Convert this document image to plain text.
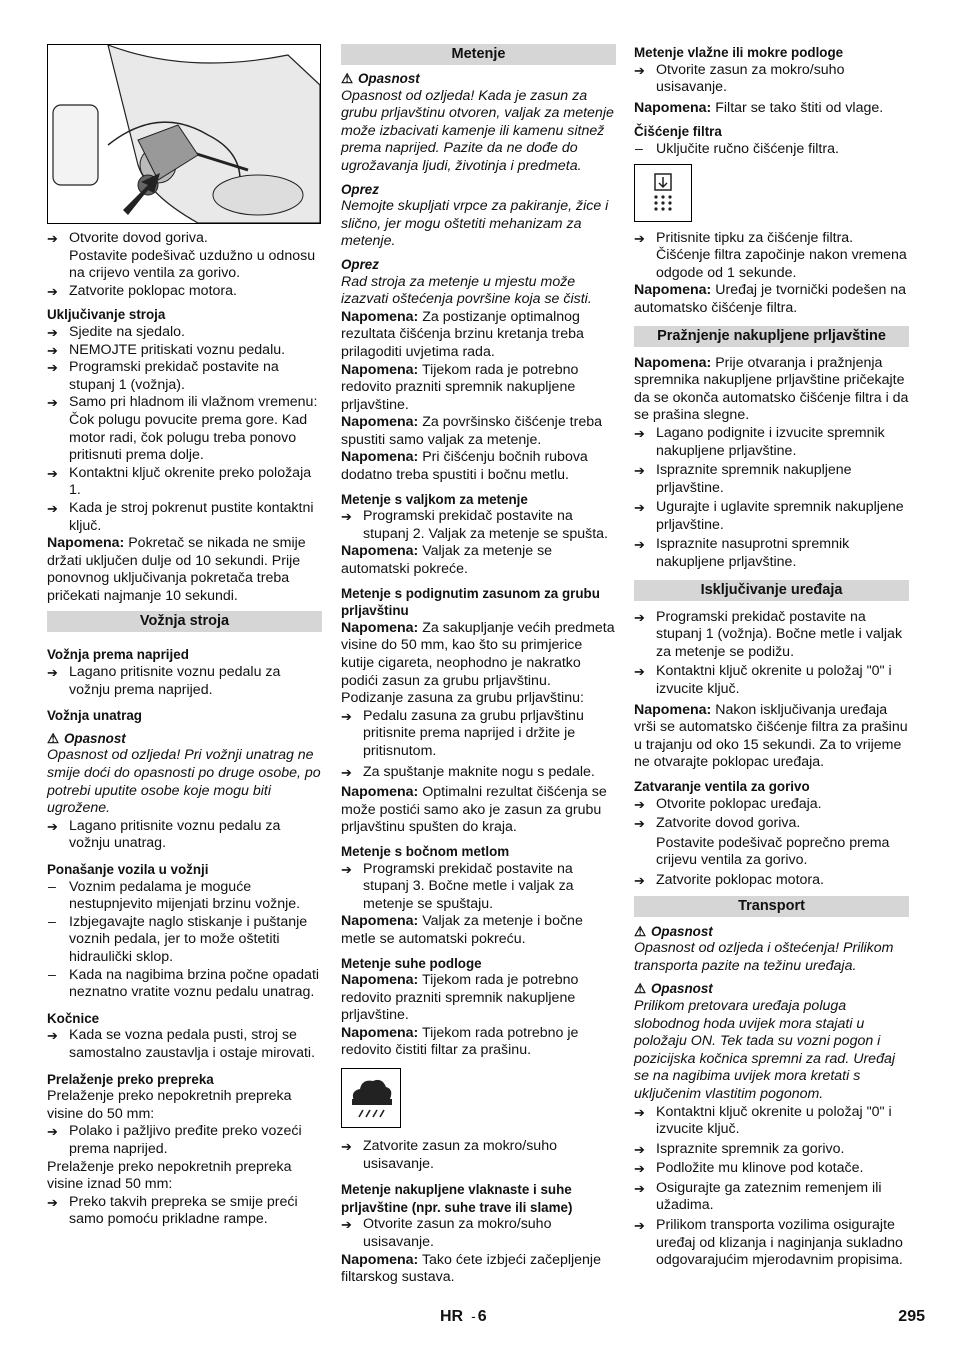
➔ Otvorite dovod goriva.
Postavite podešivač uzdužno u odnosu na crijevo ventila za gorivo.
➔ Zatvorite poklopac motora.
Uključivanje stroja
➔ Sjedite na sjedalo.
➔ NEMOJTE pritiskati voznu pedalu.
➔ Programski prekidač postavite na stupanj 1 (vožnja).
➔ Samo pri hladnom ili vlažnom vremenu: Čok polugu povucite prema gore. Kad motor radi, čok polugu treba ponovo pritisnuti prema dolje.
➔ Kontaktni ključ okrenite preko položaja 1.
➔ Kada je stroj pokrenut pustite kontaktni ključ.
Napomena: Pokretač se nikada ne smije držati uključen dulje od 10 sekundi. Prije ponovnog uključivanja pokretača treba pričekati najmanje 10 sekundi.
Vožnja stroja
Vožnja prema naprijed
➔ Lagano pritisnite voznu pedalu za vožnju prema naprijed.
Vožnja unatrag
⚠ Opasnost
Opasnost od ozljeda! Pri vožnji unatrag ne smije doći do opasnosti po druge osobe, po potrebi uputite osobe koje mogu biti ugrožene.
➔ Lagano pritisnite voznu pedalu za vožnju unatrag.
Ponašanje vozila u vožnji
– Voznim pedalama je moguće nestupnjevito mijenjati brzinu vožnje.
– Izbjegavajte naglo stiskanje i puštanje voznih pedala, jer to može oštetiti hidraulički sklop.
– Kada na nagibima brzina počne opadati neznatno vratite voznu pedalu unatrag.
Kočnice
➔ Kada se vozna pedala pusti, stroj se samostalno zaustavlja i ostaje mirovati.
Prelaženje preko prepreka
Prelaženje preko nepokretnih prepreka visine do 50 mm:
➔ Polako i pažljivo pređite preko vozeći prema naprijed.
Prelaženje preko nepokretnih prepreka visine iznad 50 mm:
➔ Preko takvih prepreka se smije preći samo pomoću prikladne rampe.
Metenje
⚠ Opasnost
Opasnost od ozljeda! Kada je zasun za grubu prljavštinu otvoren, valjak za metenje može izbacivati kamenje ili kamenu sitnež prema naprijed. Pazite da ne dođe do ugrožavanja ljudi, životinja i predmeta.
Oprez
Nemojte skupljati vrpce za pakiranje, žice i slično, jer mogu oštetiti mehanizam za metenje.
Oprez
Rad stroja za metenje u mjestu može izazvati oštećenja površine koja se čisti.
Napomena: Za postizanje optimalnog rezultata čišćenja brzinu kretanja treba prilagoditi uvjetima rada.
Napomena: Tijekom rada je potrebno redovito prazniti spremnik nakupljene prljavštine.
Napomena: Za površinsko čišćenje treba spustiti samo valjak za metenje.
Napomena: Pri čišćenju bočnih rubova dodatno treba spustiti i bočnu metlu.
Metenje s valjkom za metenje
➔ Programski prekidač postavite na stupanj 2. Valjak za metenje se spušta.
Napomena: Valjak za metenje se automatski pokreće.
Metenje s podignutim zasunom za grubu prljavštinu
Napomena: Za sakupljanje većih predmeta visine do 50 mm, kao što su primjerice kutije cigareta, neophodno je nakratko podići zasun za grubu prljavštinu.
Podizanje zasuna za grubu prljavštinu:
➔ Pedalu zasuna za grubu prljavštinu pritisnite prema naprijed i držite je pritisnutom.
➔ Za spuštanje maknite nogu s pedale.
Napomena: Optimalni rezultat čišćenja se može postići samo ako je zasun za grubu prljavštinu spušten do kraja.
Metenje s bočnom metlom
➔ Programski prekidač postavite na stupanj 3. Bočne metle i valjak za metenje se spuštaju.
Napomena: Valjak za metenje i bočne metle se automatski pokreću.
Metenje suhe podloge
Napomena: Tijekom rada je potrebno redovito prazniti spremnik nakupljene prljavštine.
Napomena: Tijekom rada potrebno je redovito čistiti filtar za prašinu.
➔ Zatvorite zasun za mokro/suho usisavanje.
Metenje nakupljene vlaknaste i suhe prljavštine (npr. suhe trave ili slame)
➔ Otvorite zasun za mokro/suho usisavanje.
Napomena: Tako ćete izbjeći začepljenje filtarskog sustava.
Metenje vlažne ili mokre podloge
➔ Otvorite zasun za mokro/suho usisavanje.
Napomena: Filtar se tako štiti od vlage.
Čišćenje filtra
– Uključite ručno čišćenje filtra.
➔ Pritisnite tipku za čišćenje filtra. Čišćenje filtra započinje nakon vremena odgode od 1 sekunde.
Napomena: Uređaj je tvornički podešen na automatsko čišćenje filtra.
Pražnjenje nakupljene prljavštine
Napomena: Prije otvaranja i pražnjenja spremnika nakupljene prljavštine pričekajte da se okonča automatsko čišćenje filtra i da se prašina slegne.
➔ Lagano podignite i izvucite spremnik nakupljene prljavštine.
➔ Ispraznite spremnik nakupljene prljavštine.
➔ Ugurajte i uglavite spremnik nakupljene prljavštine.
➔ Ispraznite nasuprotni spremnik nakupljene prljavštine.
Isključivanje uređaja
➔ Programski prekidač postavite na stupanj 1 (vožnja). Bočne metle i valjak za metenje se podižu.
➔ Kontaktni ključ okrenite u položaj "0" i izvucite ključ.
Napomena: Nakon isključivanja uređaja vrši se automatsko čišćenje filtra za prašinu u trajanju od oko 15 sekundi. Za to vrijeme ne otvarajte poklopac uređaja.
Zatvaranje ventila za gorivo
➔ Otvorite poklopac uređaja.
➔ Zatvorite dovod goriva.
Postavite podešivač poprečno prema crijevu ventila za gorivo.
➔ Zatvorite poklopac motora.
Transport
⚠ Opasnost
Opasnost od ozljeda i oštećenja! Prilikom transporta pazite na težinu uređaja.
⚠ Opasnost
Prilikom pretovara uređaja poluga slobodnog hoda uvijek mora stajati u položaju ON. Tek tada su vozni pogon i pozicijska kočnica spremni za rad. Uređaj se na nagibima uvijek mora kretati s uključenim vlastitim pogonom.
➔ Kontaktni ključ okrenite u položaj "0" i izvucite ključ.
➔ Ispraznite spremnik za gorivo.
➔ Podložite mu klinove pod kotače.
➔ Osigurajte ga zateznim remenjem ili užadima.
➔ Prilikom transporta vozilima osigurajte uređaj od klizanja i naginjanja sukladno odgovarajućim mjerodavnim propisima.
HR - 6	295
